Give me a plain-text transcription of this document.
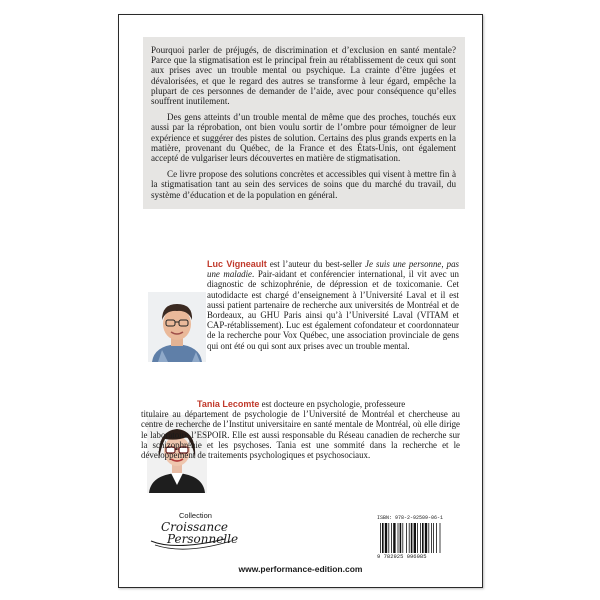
Pourquoi parler de préjugés, de discrimination et d’exclusion en santé mentale? Parce que la stigmatisation est le principal frein au rétablissement de ceux qui sont aux prises avec un trouble mental ou psychique. La crainte d’être jugées et dévalorisées, et que le regard des autres se transforme à leur égard, empêche la plupart de ces personnes de demander de l’aide, avec pour conséquence qu’elles souffrent inutilement.

Des gens atteints d’un trouble mental de même que des proches, touchés eux aussi par la réprobation, ont bien voulu sortir de l’ombre pour témoigner de leur expérience et suggérer des pistes de solution. Certains des plus grands experts en la matière, provenant du Québec, de la France et des États-Unis, ont également accepté de vulgariser leurs découvertes en matière de stigmatisation.

Ce livre propose des solutions concrètes et accessibles qui visent à mettre fin à la stigmatisation tant au sein des services de soins que du marché du travail, du système d’éducation et de la population en général.

Luc Vigneault est l’auteur du best-seller Je suis une personne, pas une maladie. Pair-aidant et conférencier international, il vit avec un diagnostic de schizophrénie, de dépression et de toxicomanie. Cet autodidacte est chargé d’enseignement à l’Université Laval et il est aussi patient partenaire de recherche aux universités de Montréal et de Bordeaux, au GHU Paris ainsi qu’à l’Université Laval (VITAM et CAP-rétablissement). Luc est également cofondateur et coordonnateur de la recherche pour Vox Québec, une association provinciale de gens qui ont été ou qui sont aux prises avec un trouble mental.
Tania Lecomte est docteure en psychologie, professeure
titulaire au département de psychologie de l’Université de Montréal et chercheuse au centre de recherche de l’Institut universitaire en santé mentale de Montréal, où elle dirige le laboratoire l’ESPOIR. Elle est aussi responsable du Réseau canadien de recherche sur la schizophrénie et les psychoses. Tania est une sommité dans la recherche et le développement de traitements psychologiques et psychosociaux.
Collection
Croissance
Personnelle
ISBN: 978-2-92509-06-1
9 782925 096085
www.performance-edition.com
